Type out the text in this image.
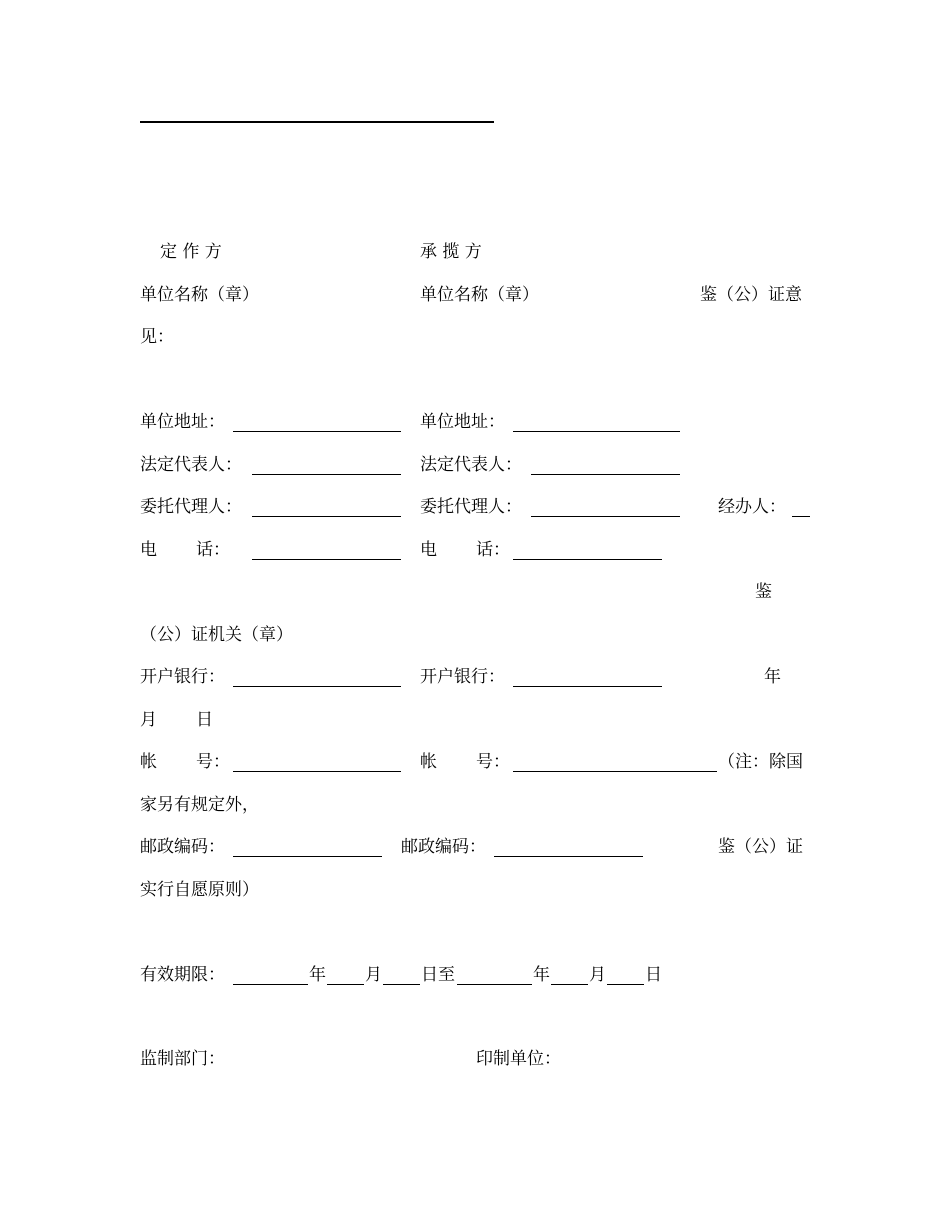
定 作 方	承 揽 方
单位名称（章）	单位名称（章）	鉴（公）证意
见：
单位地址：	单位地址：
法定代表人：	法定代表人：
委托代理人：	委托代理人：	经办人：
电 话：	电 话：
鉴
（公）证机关（章）
开户银行：	开户银行：	年
月 日
帐 号：	帐 号：	（注：除国
家另有规定外，
邮政编码：	邮政编码：	鉴（公）证
实行自愿原则）
有效期限：	年 月 日至	年 月 日
监制部门：	印制单位：
